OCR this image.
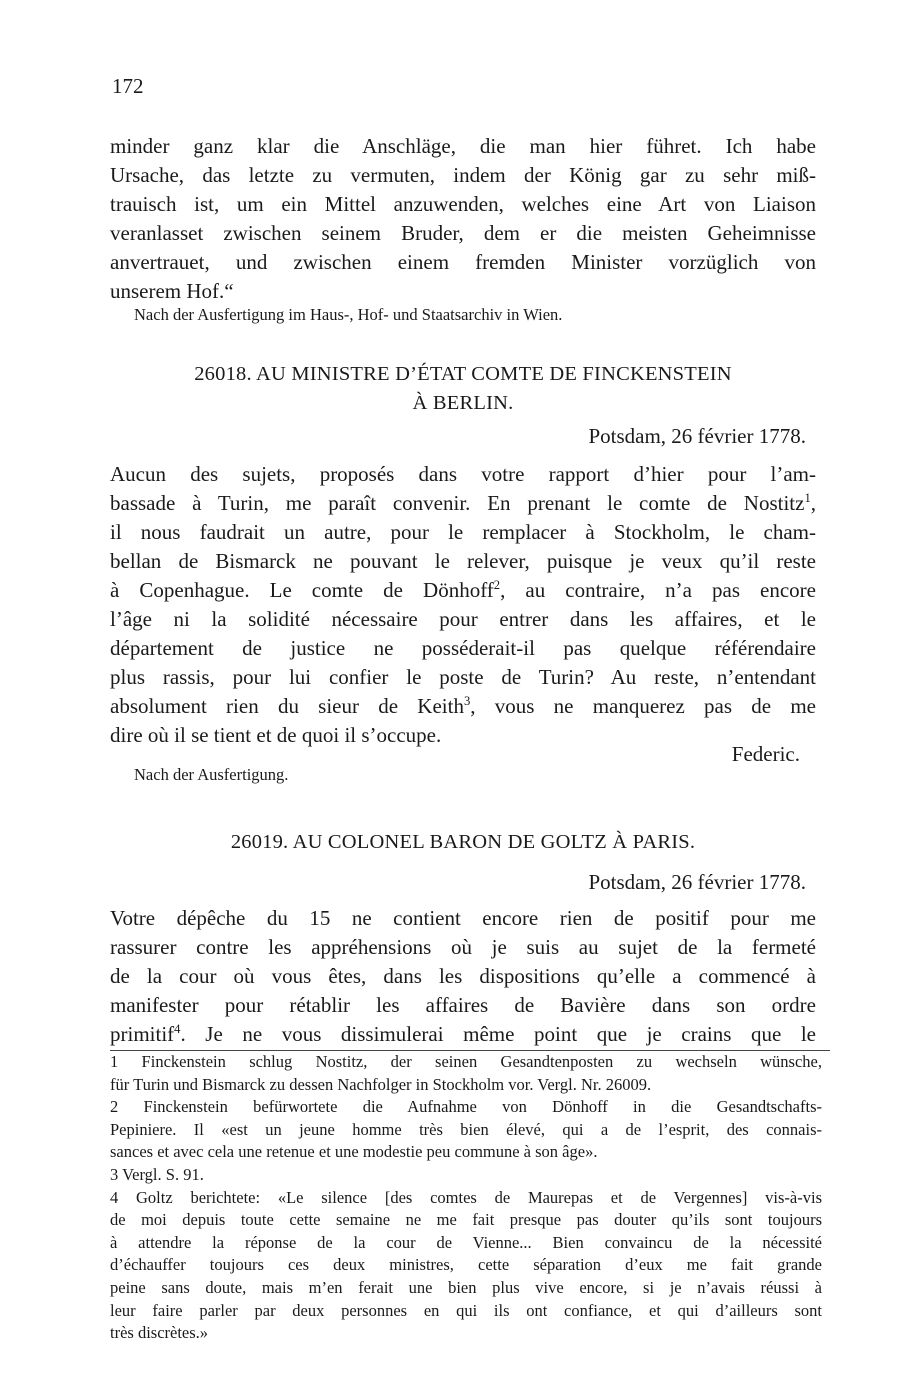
172
minder ganz klar die Anschläge, die man hier führet. Ich habe
Ursache, das letzte zu vermuten, indem der König gar zu sehr miß-
trauisch ist, um ein Mittel anzuwenden, welches eine Art von Liaison
veranlasset zwischen seinem Bruder, dem er die meisten Geheimnisse
anvertrauet, und zwischen einem fremden Minister vorzüglich von
unserem Hof.“
Nach der Ausfertigung im Haus-, Hof- und Staatsarchiv in Wien.
26018. AU MINISTRE D’ÉTAT COMTE DE FINCKENSTEIN
À BERLIN.
Potsdam, 26 février 1778.
Aucun des sujets, proposés dans votre rapport d’hier pour l’am-
bassade à Turin, me paraît convenir. En prenant le comte de Nostitz$^1$,
il nous faudrait un autre, pour le remplacer à Stockholm, le cham-
bellan de Bismarck ne pouvant le relever, puisque je veux qu’il reste
à Copenhague. Le comte de Dönhoff$^2$, au contraire, n’a pas encore
l’âge ni la solidité nécessaire pour entrer dans les affaires, et le
département de justice ne posséderait-il pas quelque référendaire
plus rassis, pour lui confier le poste de Turin? Au reste, n’entendant
absolument rien du sieur de Keith$^3$, vous ne manquerez pas de me
dire où il se tient et de quoi il s’occupe.
Federic.
Nach der Ausfertigung.
26019. AU COLONEL BARON DE GOLTZ À PARIS.
Potsdam, 26 février 1778.
Votre dépêche du 15 ne contient encore rien de positif pour me
rassurer contre les appréhensions où je suis au sujet de la fermeté
de la cour où vous êtes, dans les dispositions qu’elle a commencé à
manifester pour rétablir les affaires de Bavière dans son ordre
primitif$^4$. Je ne vous dissimulerai même point que je crains que le
1 Finckenstein schlug Nostitz, der seinen Gesandtenposten zu wechseln wünsche,
für Turin und Bismarck zu dessen Nachfolger in Stockholm vor. Vergl. Nr. 26009.
2 Finckenstein befürwortete die Aufnahme von Dönhoff in die Gesandtschafts-
Pepiniere. Il «est un jeune homme très bien élevé, qui a de l’esprit, des connais-
sances et avec cela une retenue et une modestie peu commune à son âge».
3 Vergl. S. 91.
4 Goltz berichtete: «Le silence [des comtes de Maurepas et de Vergennes] vis-à-vis
de moi depuis toute cette semaine ne me fait presque pas douter qu’ils sont toujours
à attendre la réponse de la cour de Vienne... Bien convaincu de la nécessité
d’échauffer toujours ces deux ministres, cette séparation d’eux me fait grande
peine sans doute, mais m’en ferait une bien plus vive encore, si je n’avais réussi à
leur faire parler par deux personnes en qui ils ont confiance, et qui d’ailleurs sont
très discrètes.»
